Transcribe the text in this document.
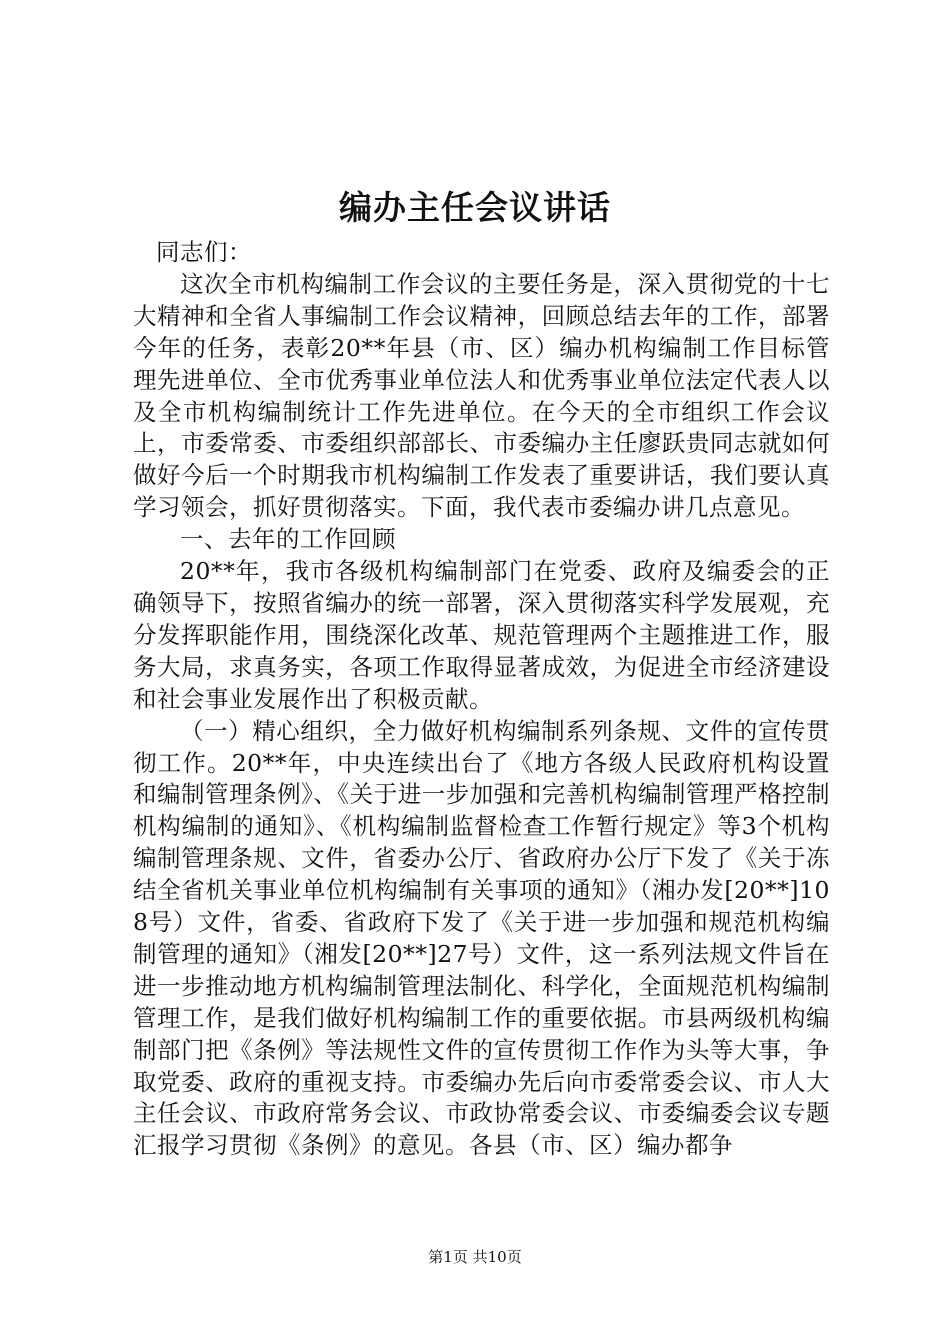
编办主任会议讲话

同志们：

这次全市机构编制工作会议的主要任务是，深入贯彻党的十七大精神和全省人事编制工作会议精神，回顾总结去年的工作，部署今年的任务，表彰20**年县（市、区）编办机构编制工作目标管理先进单位、全市优秀事业单位法人和优秀事业单位法定代表人以及全市机构编制统计工作先进单位。在今天的全市组织工作会议上，市委常委、市委组织部部长、市委编办主任廖跃贵同志就如何做好今后一个时期我市机构编制工作发表了重要讲话，我们要认真学习领会，抓好贯彻落实。下面，我代表市委编办讲几点意见。

一、去年的工作回顾

20**年，我市各级机构编制部门在党委、政府及编委会的正确领导下，按照省编办的统一部署，深入贯彻落实科学发展观，充分发挥职能作用，围绕深化改革、规范管理两个主题推进工作，服务大局，求真务实，各项工作取得显著成效，为促进全市经济建设和社会事业发展作出了积极贡献。

（一）精心组织，全力做好机构编制系列条规、文件的宣传贯彻工作。20**年，中央连续出台了《地方各级人民政府机构设置和编制管理条例》、《关于进一步加强和完善机构编制管理严格控制机构编制的通知》、《机构编制监督检查工作暂行规定》等3个机构编制管理条规、文件，省委办公厅、省政府办公厅下发了《关于冻结全省机关事业单位机构编制有关事项的通知》（湘办发[20**]108号）文件，省委、省政府下发了《关于进一步加强和规范机构编制管理的通知》（湘发[20**]27号）文件，这一系列法规文件旨在进一步推动地方机构编制管理法制化、科学化，全面规范机构编制管理工作，是我们做好机构编制工作的重要依据。市县两级机构编制部门把《条例》等法规性文件的宣传贯彻工作作为头等大事，争取党委、政府的重视支持。市委编办先后向市委常委会议、市人大主任会议、市政府常务会议、市政协常委会议、市委编委会议专题汇报学习贯彻《条例》的意见。各县（市、区）编办都争

第1页 共10页
